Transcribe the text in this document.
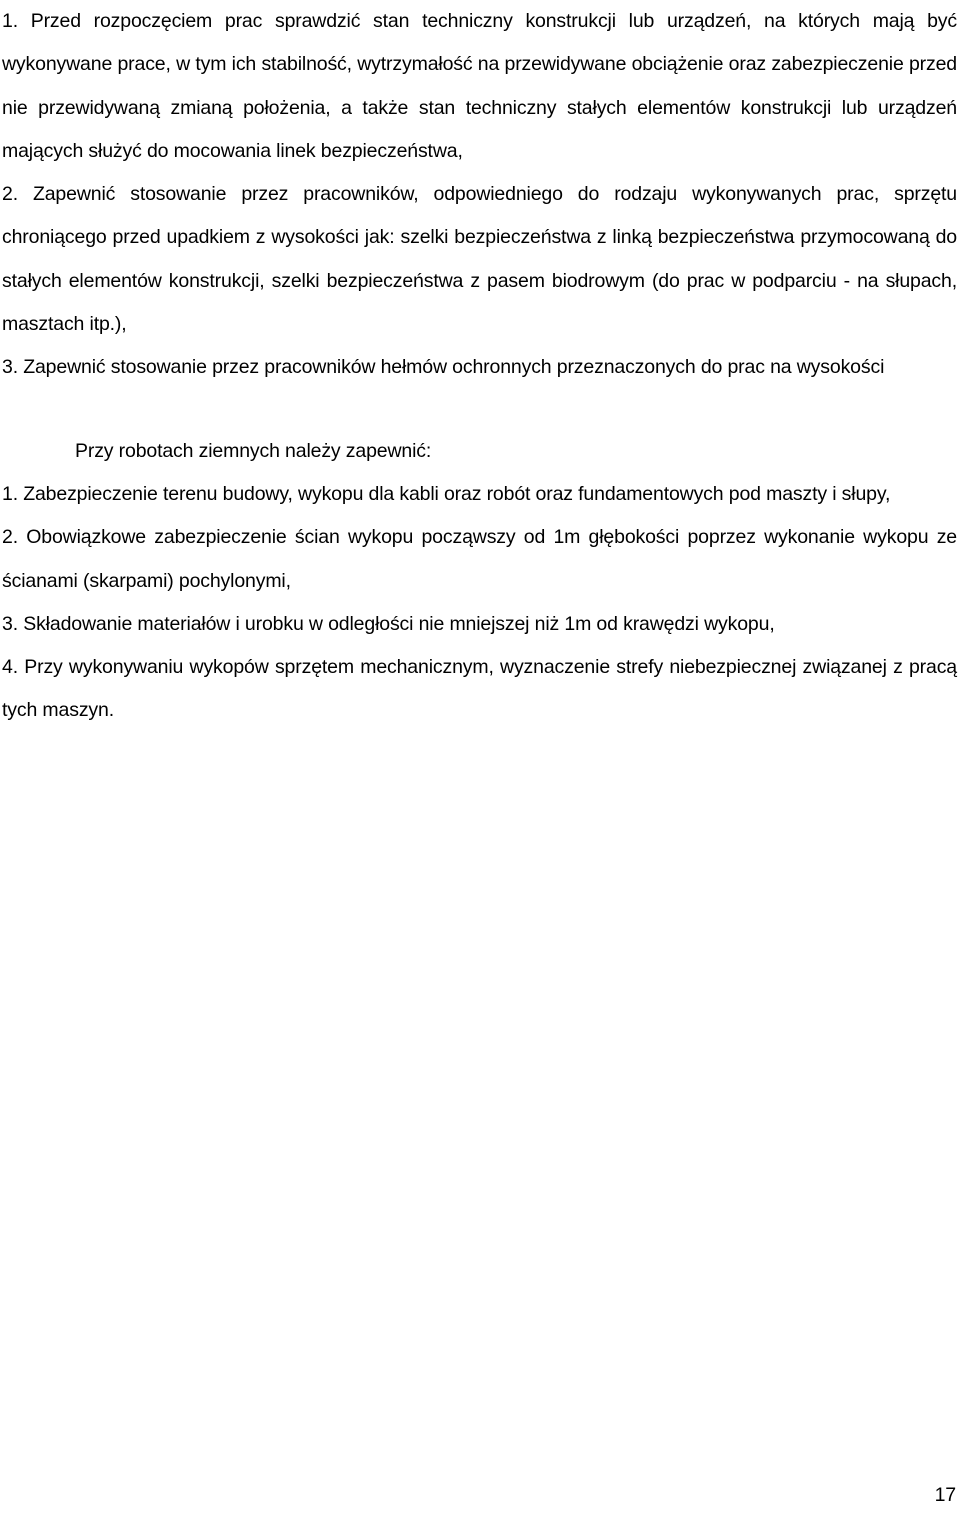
1. Przed rozpoczęciem prac sprawdzić stan techniczny konstrukcji lub urządzeń, na których mają być wykonywane prace, w tym ich stabilność, wytrzymałość na przewidywane obciążenie oraz zabezpieczenie przed nie przewidywaną zmianą położenia, a także stan techniczny stałych elementów konstrukcji lub urządzeń mających służyć do mocowania linek bezpieczeństwa,

2. Zapewnić stosowanie przez pracowników, odpowiedniego do rodzaju wykonywanych prac, sprzętu chroniącego przed upadkiem z wysokości jak: szelki bezpieczeństwa z linką bezpieczeństwa przymocowaną do stałych elementów konstrukcji, szelki bezpieczeństwa z pasem biodrowym (do prac w podparciu - na słupach, masztach itp.),

3. Zapewnić stosowanie przez pracowników hełmów ochronnych przeznaczonych do prac na wysokości

Przy robotach ziemnych należy zapewnić:

1. Zabezpieczenie terenu budowy, wykopu dla kabli oraz robót oraz fundamentowych pod maszty i słupy,

2. Obowiązkowe zabezpieczenie ścian wykopu począwszy od 1m głębokości poprzez wykonanie wykopu ze ścianami (skarpami) pochylonymi,

3. Składowanie materiałów i urobku w odległości nie mniejszej niż 1m od krawędzi wykopu,

4. Przy wykonywaniu wykopów sprzętem mechanicznym, wyznaczenie strefy niebezpiecznej związanej z pracą tych maszyn.

17
